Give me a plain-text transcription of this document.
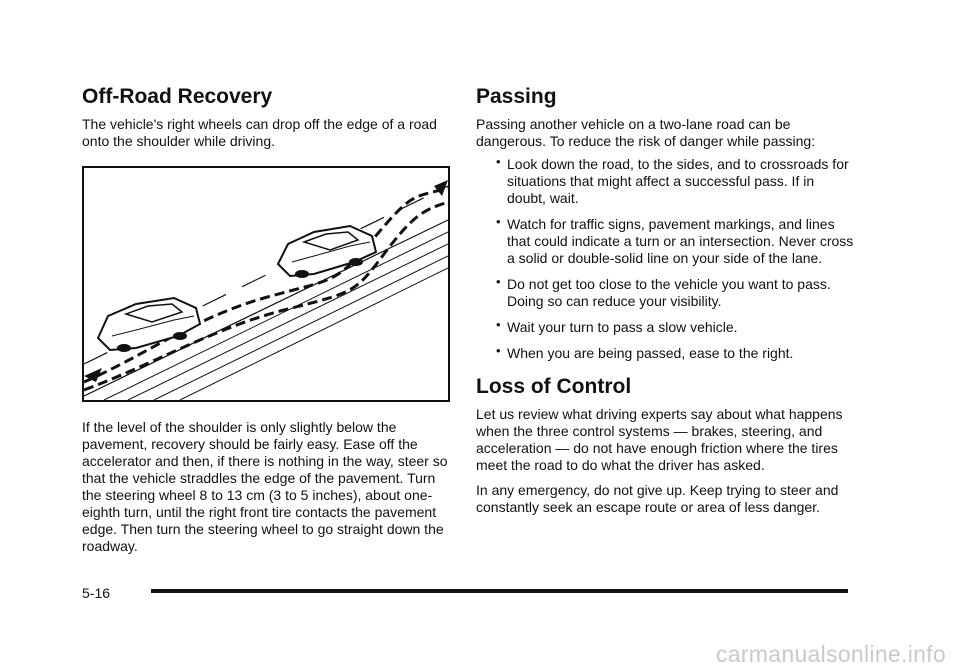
Off-Road Recovery

The vehicle's right wheels can drop off the edge of a road onto the shoulder while driving.

If the level of the shoulder is only slightly below the pavement, recovery should be fairly easy. Ease off the accelerator and then, if there is nothing in the way, steer so that the vehicle straddles the edge of the pavement. Turn the steering wheel 8 to 13 cm (3 to 5 inches), about one-eighth turn, until the right front tire contacts the pavement edge. Then turn the steering wheel to go straight down the roadway.

Passing

Passing another vehicle on a two-lane road can be dangerous. To reduce the risk of danger while passing:

• Look down the road, to the sides, and to crossroads for situations that might affect a successful pass. If in doubt, wait.
• Watch for traffic signs, pavement markings, and lines that could indicate a turn or an intersection. Never cross a solid or double-solid line on your side of the lane.
• Do not get too close to the vehicle you want to pass. Doing so can reduce your visibility.
• Wait your turn to pass a slow vehicle.
• When you are being passed, ease to the right.
Loss of Control

Let us review what driving experts say about what happens when the three control systems — brakes, steering, and acceleration — do not have enough friction where the tires meet the road to do what the driver has asked.

In any emergency, do not give up. Keep trying to steer and constantly seek an escape route or area of less danger.

5-16
carmanualsonline.info
